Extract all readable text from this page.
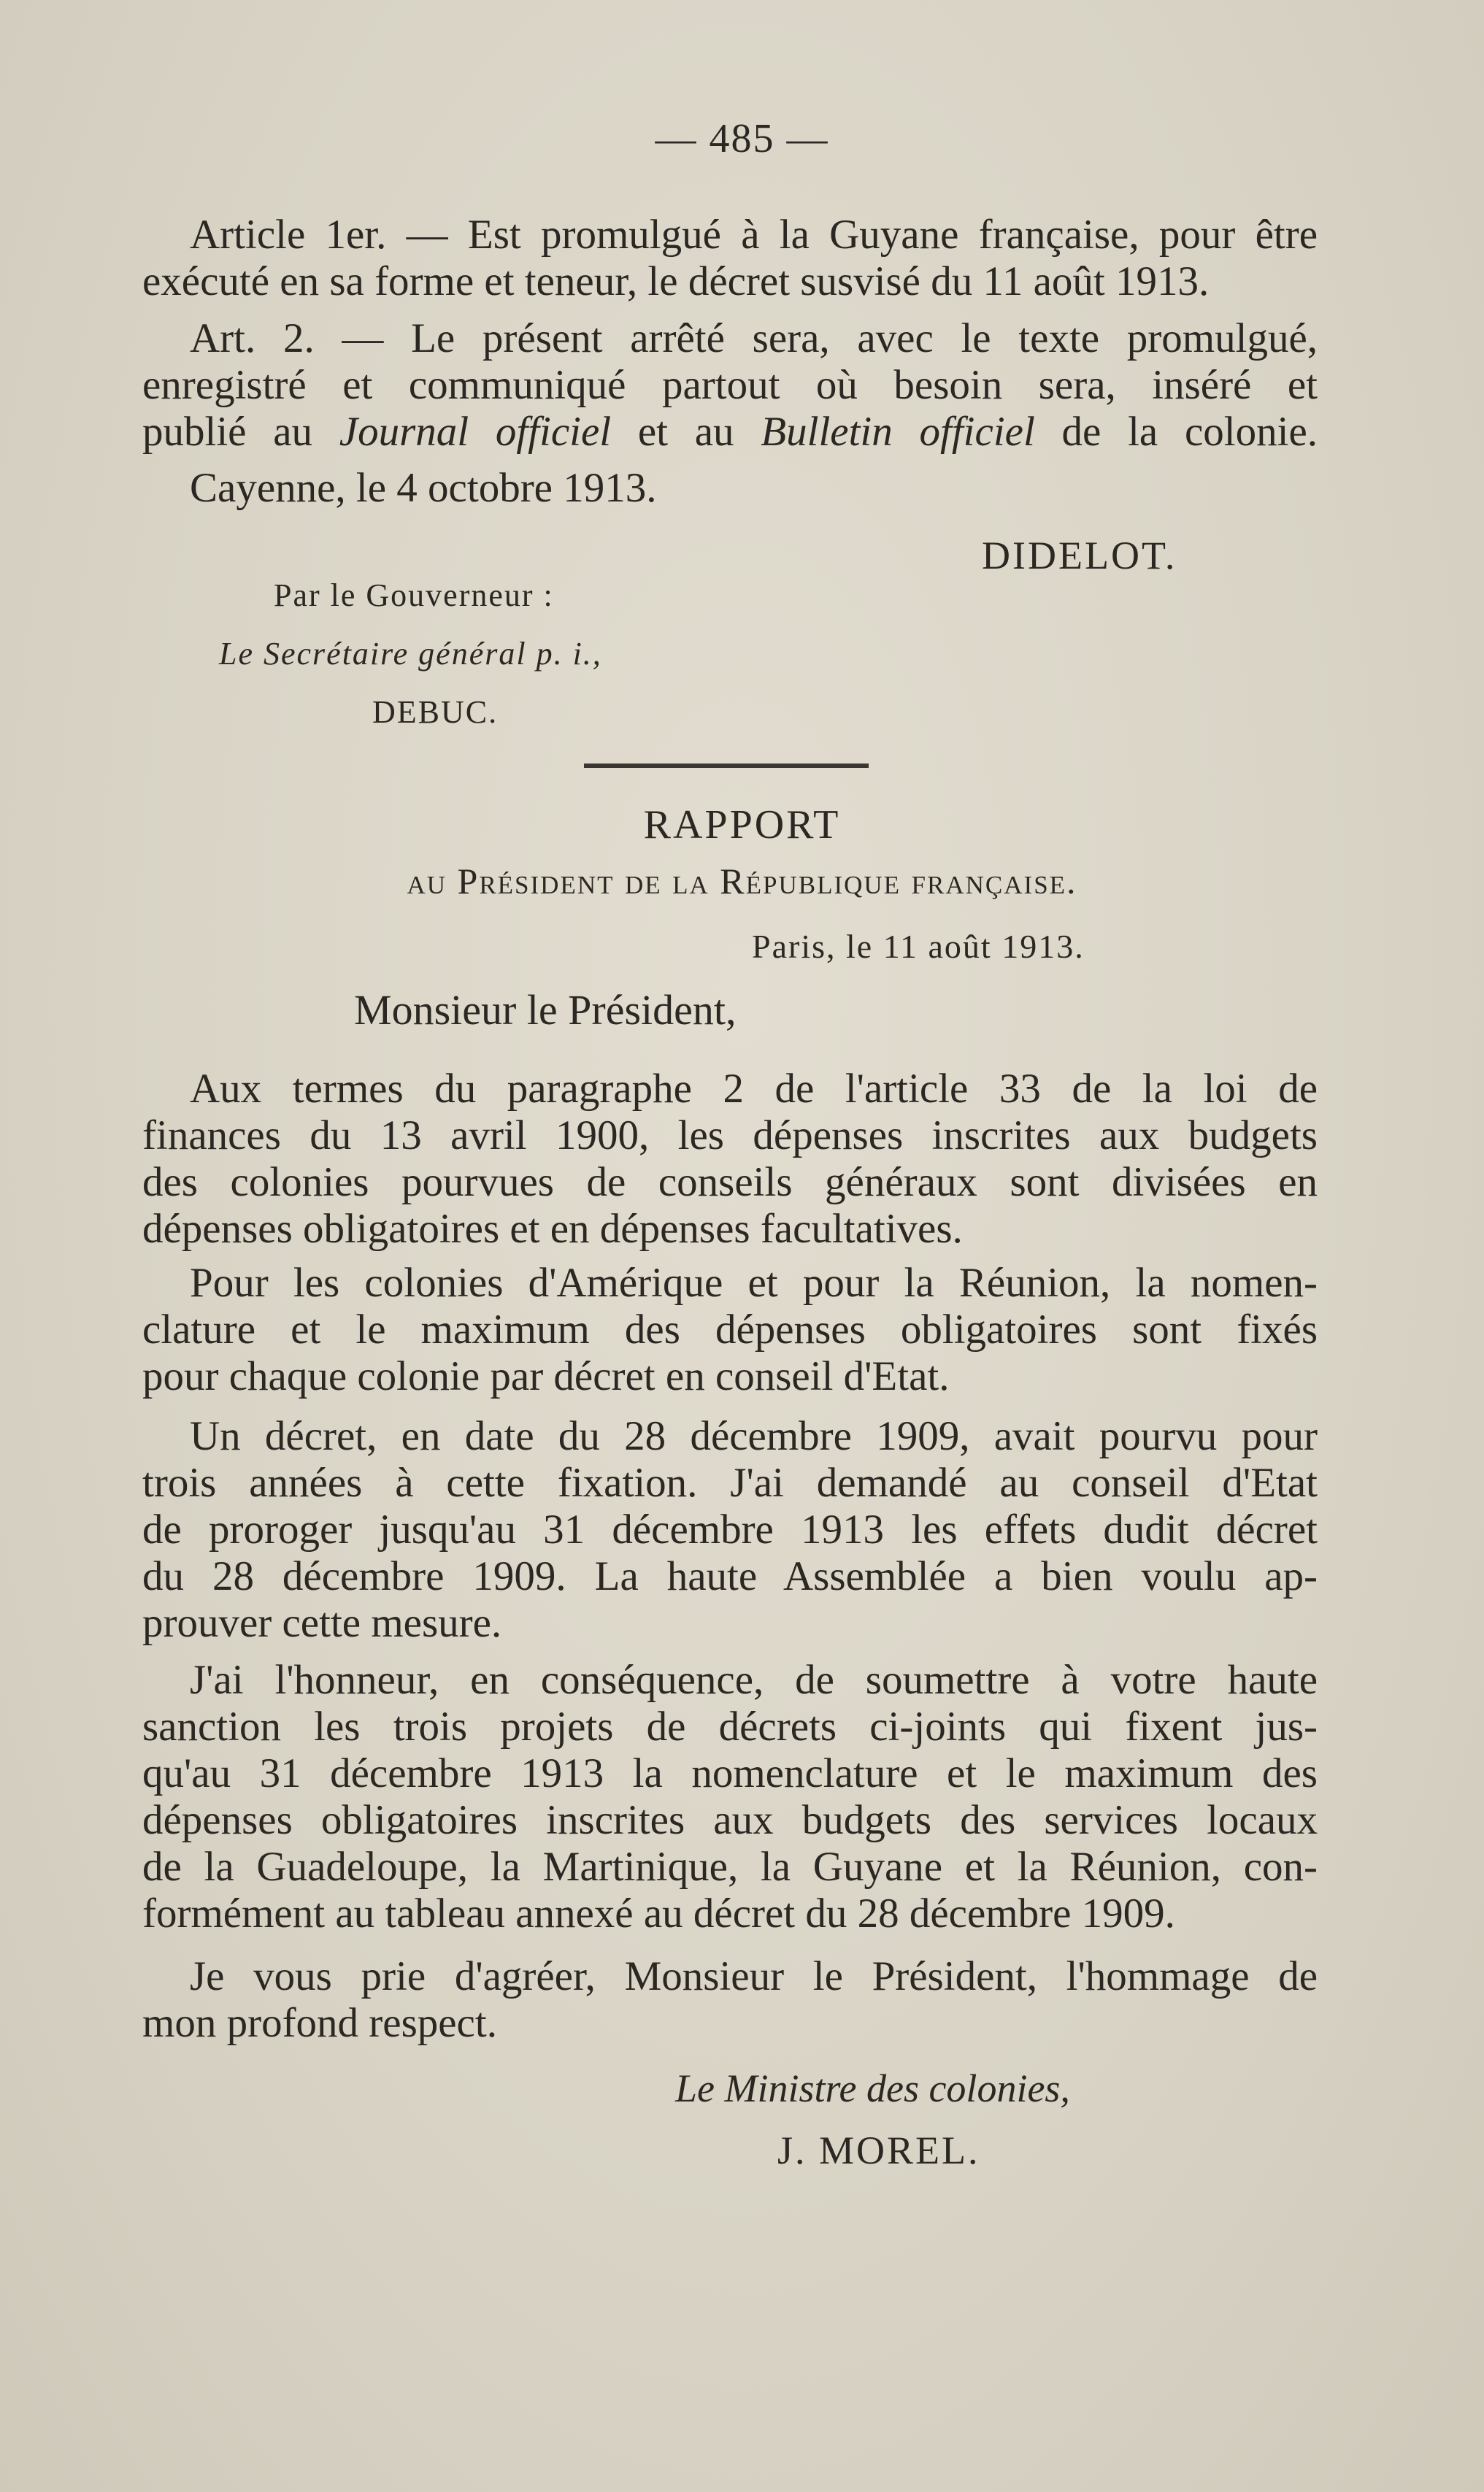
— 485 —
Article 1er. — Est promulgué à la Guyane française, pour être
exécuté en sa forme et teneur, le décret susvisé du 11 août 1913.
Art. 2. — Le présent arrêté sera, avec le texte promulgué,
enregistré et communiqué partout où besoin sera, inséré et
publié au Journal officiel et au Bulletin officiel de la colonie.
Cayenne, le 4 octobre 1913.
DIDELOT.
Par le Gouverneur :
Le Secrétaire général p. i.,
DEBUC.
RAPPORT
au Président de la République française.
Paris, le 11 août 1913.
Monsieur le Président,
Aux termes du paragraphe 2 de l'article 33 de la loi de
finances du 13 avril 1900, les dépenses inscrites aux budgets
des colonies pourvues de conseils généraux sont divisées en
dépenses obligatoires et en dépenses facultatives.
Pour les colonies d'Amérique et pour la Réunion, la nomen-
clature et le maximum des dépenses obligatoires sont fixés
pour chaque colonie par décret en conseil d'Etat.
Un décret, en date du 28 décembre 1909, avait pourvu pour
trois années à cette fixation. J'ai demandé au conseil d'Etat
de proroger jusqu'au 31 décembre 1913 les effets dudit décret
du 28 décembre 1909. La haute Assemblée a bien voulu ap-
prouver cette mesure.
J'ai l'honneur, en conséquence, de soumettre à votre haute
sanction les trois projets de décrets ci-joints qui fixent jus-
qu'au 31 décembre 1913 la nomenclature et le maximum des
dépenses obligatoires inscrites aux budgets des services locaux
de la Guadeloupe, la Martinique, la Guyane et la Réunion, con-
formément au tableau annexé au décret du 28 décembre 1909.
Je vous prie d'agréer, Monsieur le Président, l'hommage de
mon profond respect.
Le Ministre des colonies,
J. MOREL.
